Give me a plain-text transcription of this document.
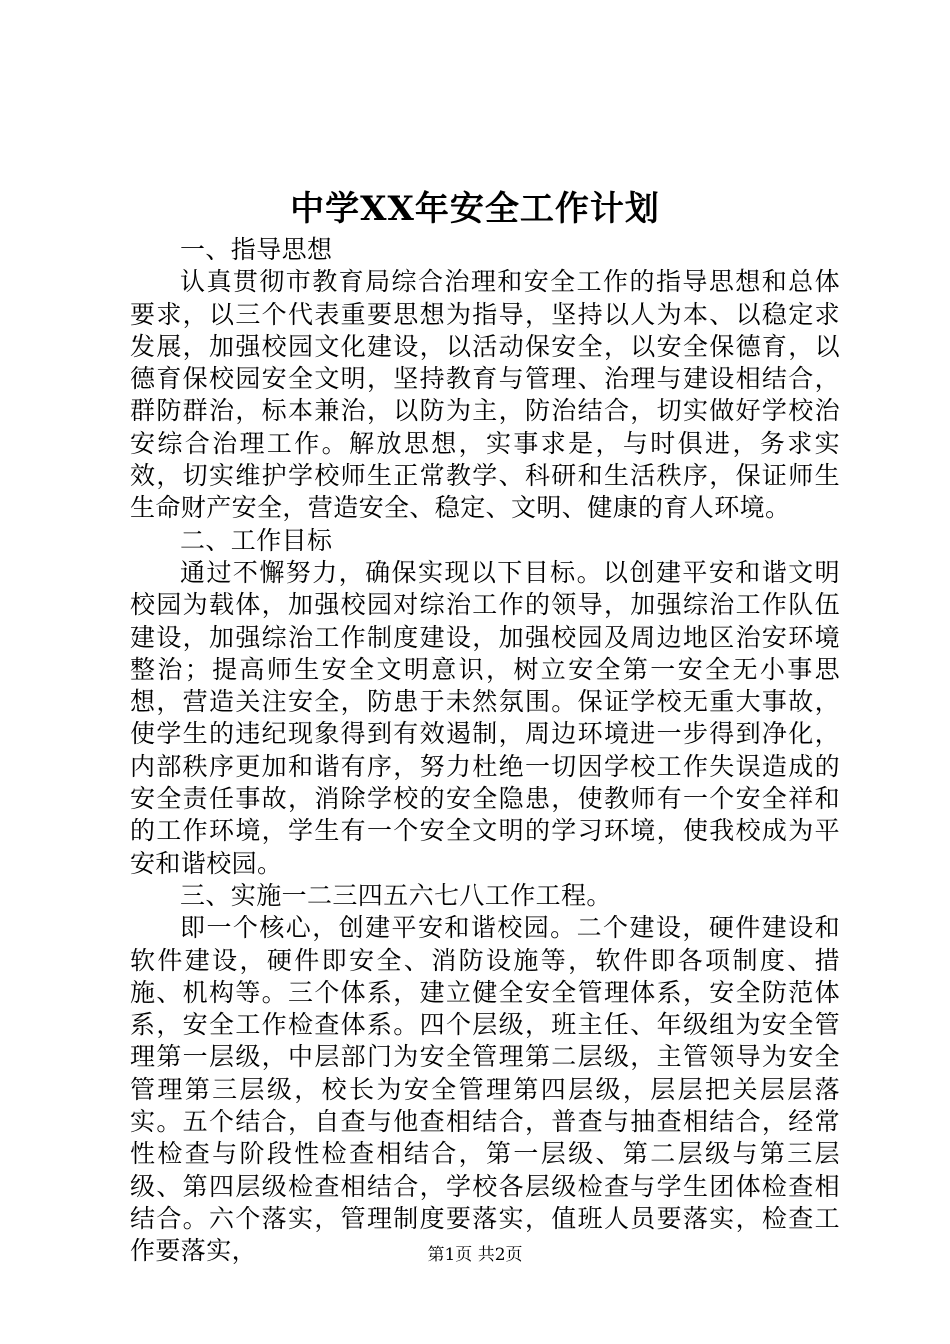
中学XX年安全工作计划

一、指导思想

认真贯彻市教育局综合治理和安全工作的指导思想和总体要求，以三个代表重要思想为指导，坚持以人为本、以稳定求发展，加强校园文化建设，以活动保安全，以安全保德育，以德育保校园安全文明，坚持教育与管理、治理与建设相结合，群防群治，标本兼治，以防为主，防治结合，切实做好学校治安综合治理工作。解放思想，实事求是，与时俱进，务求实效，切实维护学校师生正常教学、科研和生活秩序，保证师生生命财产安全，营造安全、稳定、文明、健康的育人环境。

二、工作目标

通过不懈努力，确保实现以下目标。以创建平安和谐文明校园为载体，加强校园对综治工作的领导，加强综治工作队伍建设，加强综治工作制度建设，加强校园及周边地区治安环境整治；提高师生安全文明意识，树立安全第一安全无小事思想，营造关注安全，防患于未然氛围。保证学校无重大事故，使学生的违纪现象得到有效遏制，周边环境进一步得到净化，内部秩序更加和谐有序，努力杜绝一切因学校工作失误造成的安全责任事故，消除学校的安全隐患，使教师有一个安全祥和的工作环境，学生有一个安全文明的学习环境，使我校成为平安和谐校园。

三、实施一二三四五六七八工作工程。

即一个核心，创建平安和谐校园。二个建设，硬件建设和软件建设，硬件即安全、消防设施等，软件即各项制度、措施、机构等。三个体系，建立健全安全管理体系，安全防范体系，安全工作检查体系。四个层级，班主任、年级组为安全管理第一层级，中层部门为安全管理第二层级，主管领导为安全管理第三层级，校长为安全管理第四层级，层层把关层层落实。五个结合，自查与他查相结合，普查与抽查相结合，经常性检查与阶段性检查相结合，第一层级、第二层级与第三层级、第四层级检查相结合，学校各层级检查与学生团体检查相结合。六个落实，管理制度要落实，值班人员要落实，检查工作要落实，	第1页 共2页
